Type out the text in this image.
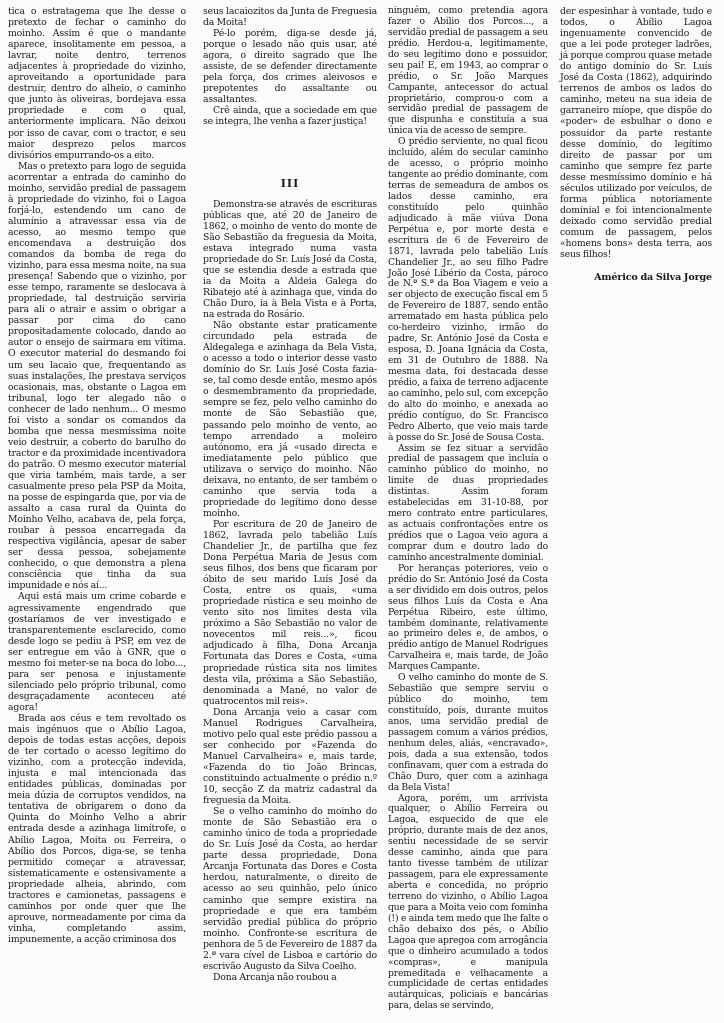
tica o estratagema que lhe desse o pretexto de fechar o caminho do moinho. Assim é que o mandante aparece, insolitamente em pessoa, a lavrar, noite dentro, terrenos adjacentes à propriedade do vizinho, aproveitando a oportunidade para destruir, dentro do alheio, o caminho que junto às oliveiras, bordejava essa propriedade e com o qual, anteriormente implicara. Não deixou por isso de cavar, com o tractor, e seu maior desprezo pelos marcos divisórios empurrando-os a eito.

Mas o pretexto para logo de seguida acorrentar a entrada do caminho do moinho, servidão predial de passagem à propriedade do vizinho, foi o Lagoa forjá-lo, estendendo um cano de alumínio a atravessar essa via de acesso, ao mesmo tempo que encomendava a destruição dos comandos da bomba de rega do vizinho, para essa mesma noite, na sua presença! Sabendo que o vizinho, por esse tempo, raramente se deslocava à propriedade, tal destruição serviria para ali o atrair e assim o obrigar a passar por cima do cano propositadamente colocado, dando ao autor o ensejo de sairmara em vítima. O executor material do desmando foi um seu lacaio que, frequentando as suas instalações, lhe prestava serviços ocasionais, mas, obstante o Lagoa em tribunal, logo ter alegado não o conhecer de lado nenhum... O mesmo foi visto a sondar os comandos da bomba que nessa mesmíssima noite veio destruir, a coberto do barulho do tractor e da proximidade incentivadora do patrão. O mesmo executor material que viria também, mais tarde, a ser casualmente preso pela PSP da Moita, na posse de espingarda que, por via de assalto a casa rural da Quinta do Moinho Velho, acabava de, pela força, roubar à pessoa encarregada da respectiva vigilância, apesar de saber ser dessa pessoa, sobejamente conhecido, o que demonstra a plena consciência que tinha da sua impunidade e nós aí...

Aqui está mais um crime cobarde e agressivamente engendrado que gostaríamos de ver investigado e transparentemente esclarecido, como desde logo se pediu à PSP, em vez de ser entregue em vão à GNR, que o mesmo foi meter-se na boca do lobo..., para ser penosa e injustamente silenciado pelo próprio tribunal, como desgraçadamente aconteceu até agora!

Brada aos céus e tem revoltado os mais ingénuos que o Abílio Lagoa, depois de todas estas acções, depois de ter cortado o acesso legítimo do vizinho, com a protecção indevida, injusta e mal intencionada das entidades públicas, dominadas por meia dúzia de corruptos vendidos, na tentativa de obrigarem o dono da Quinta do Moinho Velho a abrir entrada desde a azinhaga limítrofe, o Abílio Lagoa, Moita ou Ferreira, o Abílio dos Porcos, diga-se, se tenha permitido começar a atravessar, sistematicamente e ostensivamente a propriedade alheia, abrindo, com tractores e camionetas, passagens e caminhos por onde quer que lhe aprouve, normeadamente por cima da vinha, completando assim, impunemente, a acção criminosa dos

seus lacaiozitos da Junta de Freguesia da Moita!

Pé-lo porém, diga-se desde já, porque o lesado não quis usar, até agora, o direito sagrado que lhe assiste, de se defender directamente pela força, dos crimes aleivosos e prepotentes do assaltante ou assaltantes.

Crê ainda, que a sociedade em que se integra, lhe venha a fazer justiça!

III

Demonstra-se através de escrituras públicas que, até 20 de Janeiro de 1862, o moinho de vento do monte de São Sebastião da freguesia da Moita, estava integrado numa vasta propriedade do Sr. Luís José da Costa, que se estendia desde a estrada que ia da Moita a Aldeia Galega do Ribatejo até à azinhaga que, vinda do Chão Duro, ia à Bela Vista e à Porta, na estrada do Rosário.

Não obstante estar praticamente circundado pela estrada de Aldegalega e azinhaga da Bela Vista, o acesso a todo o interior desse vasto domínio do Sr. Luís José Costa fazia-se, tal como desde então, mesmo após o desmembramento da propriedade, sempre se fez, pelo velho caminho do monte de São Sebastião que, passando pelo moinho de vento, ao tempo arrendado a moleiro autónomo, era já «usado directa e imediatamente pelo público que utilizava o serviço do moinho. Não deixava, no entanto, de ser também o caminho que servia toda a propriedade do legítimo dono desse moinho.

Por escritura de 20 de Janeiro de 1862, lavrada pelo tabelião Luís Chandelier Jr., de partilha que fez Dona Perpétua Maria de Jesus com seus filhos, dos bens que ficaram por óbito de seu marido Luís José da Costa, entre os quais, «uma propriedade rústica e seu moinho de vento sito nos limites desta vila próximo a São Sebastião no valor de novecentos mil reis...», ficou adjudicado à filha, Dona Arcanja Fortunata das Dores e Costa, «uma propriedade rústica sita nos limites desta vila, próxima a São Sebastião, denominada a Mané, no valor de quatrocentos mil reis».

Dona Arcanja veio a casar com Manuel Rodrigues Carvalheira, motivo pelo qual este prédio passou a ser conhecido por «Fazenda do Manuel Carvalheira» e, mais tarde, «Fazenda do tio João Brincas, constituindo actualmente o prédio n.º 10, secção Z da matriz cadastral da freguesia da Moita.

Se o velho caminho do moinho do monte de São Sebastião era o caminho único de toda a propriedade do Sr. Luís José da Costa, ao herdar parte dessa propriedade, Dona Arcanja Fortunata das Dores e Costa herdou, naturalmente, o direito de acesso ao seu quinhão, pelo único caminho que sempre existira na propriedade e que era também servidão predial pública do próprio moinho. Confronte-se escritura de penhora de 5 de Fevereiro de 1887 da 2.ª vara cível de Lisboa e cartório do escrivão Augusto da Silva Coelho.

Dona Arcanja não roubou a

ninguém, como pretendia agora fazer o Abílio dos Porcos..., a servidão predial de passagem a seu prédio. Herdou-a, legitimamente, do seu legítimo dono e possuidor, seu pai! E, em 1943, ao comprar o prédio, o Sr. João Marques Campante, antecessor do actual proprietário, comprou-o com a servidão predial de passagem de que dispunha e constituía a sua única via de acesso de sempre.

O prédio serviente, no qual ficou incluído, além do secular caminho de acesso, o próprio moinho tangente ao prédio dominante, com terras de semeadura de ambos os lados desse caminho, era constituído pelo quinhão adjudicado à mãe viúva Dona Perpétua e, por morte desta e escritura de 6 de Fevereiro de 1871, lavrada pelo tabelião Luís Chandelier Jr., ao seu filho Padre João José Libério da Costa, pároco de N.ª S.ª da Boa Viagem e veio a ser objecto de execução fiscal em 5 de Fevereiro de 1887, sendo então arrematado em hasta pública pelo co-herdeiro vizinho, irmão do padre, Sr. António José da Costa e esposa, D. Joana Ignácia da Costa, em 31 de Outubro de 1888. Na mesma data, foi destacada desse prédio, a faixa de terreno adjacente ao caminho, pelo sul, com excepção do alto do moinho, e anexada ao prédio contíguo, do Sr. Francisco Pedro Alberto, que veio mais tarde à posse do Sr. José de Sousa Costa.

Assim se fez situar a servidão predial de passagem que incluía o caminho público do moinho, no limite de duas propriedades distintas. Assim foram estabelecidas em 31-10-88, por mero contrato entre particulares, as actuais confrontações entre os prédios que o Lagoa veio agora a comprar dum e doutro lado do caminho ancestralmente dominial.

Por heranças poteriores, veio o prédio do Sr. António José da Costa a ser dividido em dois outros, pelos seus filhos Luís da Costa e Ana Perpétua Ribeiro, este último, também dominante, relativamente ao primeiro deles e, de ambos, o prédio antigo de Manuel Rodrigues Carvalheira e, mais tarde, de João Marques Campante.

O velho caminho do monte de S. Sebastião que sempre serviu o público do moinho, tem constituído, pois, durante muitos anos, uma servidão predial de passagem comum a vários prédios, nenhum deles, aliás, «encravado», pois, dada a sua extensão, todos confinavam, quer com a estrada do Chão Duro, quer com a azinhaga da Bela Vista!

Agora, porém, um arrivista qualquer, o Abílio Ferreira ou Lagoa, esquecido de que ele próprio, durante mais de dez anos, sentiu necessidade de se servir desse caminho, ainda que para tanto tivesse também de utilizar passagem, para ele expressamente aberta e concedida, no próprio terreno do vizinho, o Abílio Lagoa que para a Moita veio com fominha (!) e ainda tem medo que lhe falte o chão debaixo dos pés, o Abílio Lagoa que apregoa com arrogância que o dinheiro acumulado a todos «compras», e manipula premeditada e velhacamente a cumplicidade de certas entidades autárquicas, policiais e bancárias para, delas se servindo,

der espesinhar à vontade, tudo e todos, o Abílio Lagoa ingenuamente convencido de que a lei pode proteger ladrões, já porque comprou quase metade do antigo domínio do Sr. Luís José da Costa (1862), adquirindo terrenos de ambos os lados do caminho, meteu na sua ideia de garraneiro míope, que dispõe do «poder» de esbulhar o dono e possuidor da parte restante desse domínio, do legítimo direito de passar por um caminho que sempre fez parte desse mesmíssimo domínio e há séculos utilizado por veículos, de forma pública notoriamente dominial e foi intencionalmente deixado como servidão predial comum de passagem, pelos «homens bons» desta terra, aos seus filhos!

Américo da Silva Jorge
